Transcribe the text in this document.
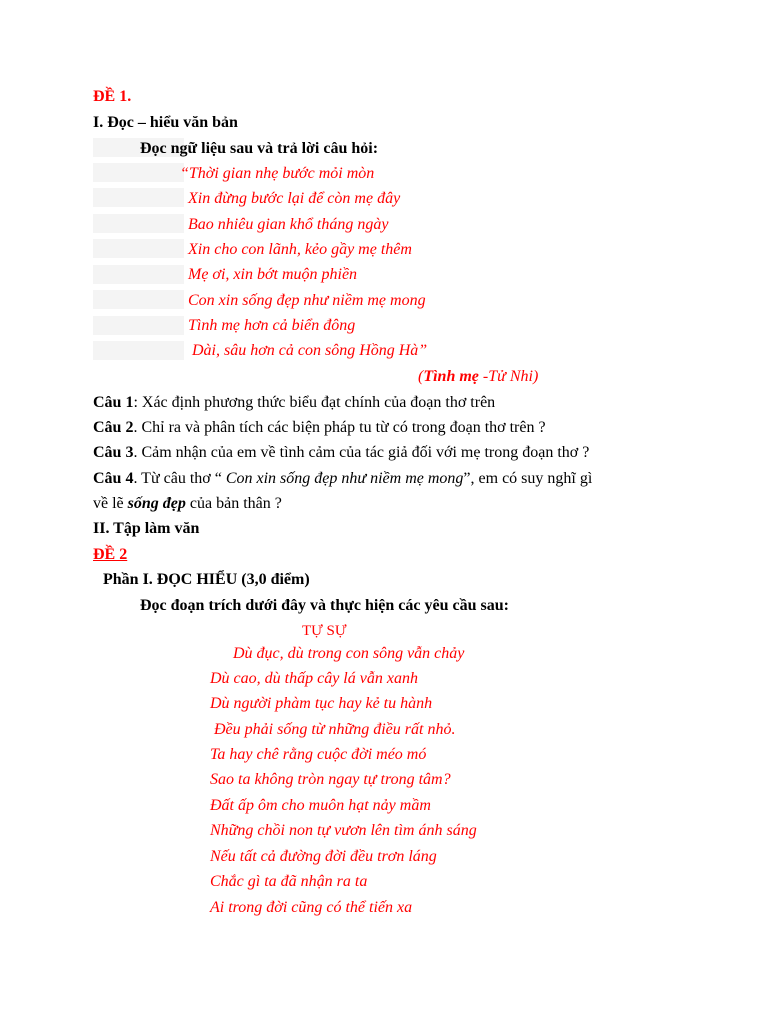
ĐỀ 1.
I. Đọc – hiểu văn bản
Đọc ngữ liệu sau và trả lời câu hỏi:
“Thời gian nhẹ bước mỏi mòn
Xin đừng bước lại để còn mẹ đây
Bao nhiêu gian khổ tháng ngày
Xin cho con lãnh, kẻo gầy mẹ thêm
Mẹ ơi, xin bớt muộn phiền
Con xin sống đẹp như niềm mẹ mong
Tình mẹ hơn cả biển đông
Dài, sâu hơn cả con sông Hồng Hà”
(Tình mẹ -Tử Nhi)
Câu 1: Xác định phương thức biểu đạt chính của đoạn thơ trên
Câu 2. Chỉ ra và phân tích các biện pháp tu từ có trong đoạn thơ trên ?
Câu 3. Cảm nhận của em về tình cảm của tác giả đối với mẹ trong đoạn thơ ?
Câu 4. Từ câu thơ “ Con xin sống đẹp như niềm mẹ mong”, em có suy nghĩ gì
về lẽ sống đẹp của bản thân ?
II. Tập làm văn
ĐỀ 2
Phần I. ĐỌC HIỂU (3,0 điểm)
Đọc đoạn trích dưới đây và thực hiện các yêu cầu sau:
TỰ SỰ
Dù đục, dù trong con sông vẫn chảy
Dù cao, dù thấp cây lá vẫn xanh
Dù người phàm tục hay kẻ tu hành
Đều phải sống từ những điều rất nhỏ.
Ta hay chê rằng cuộc đời méo mó
Sao ta không tròn ngay tự trong tâm?
Đất ấp ôm cho muôn hạt nảy mầm
Những chồi non tự vươn lên tìm ánh sáng
Nếu tất cả đường đời đều trơn láng
Chắc gì ta đã nhận ra ta
Ai trong đời cũng có thể tiến xa
